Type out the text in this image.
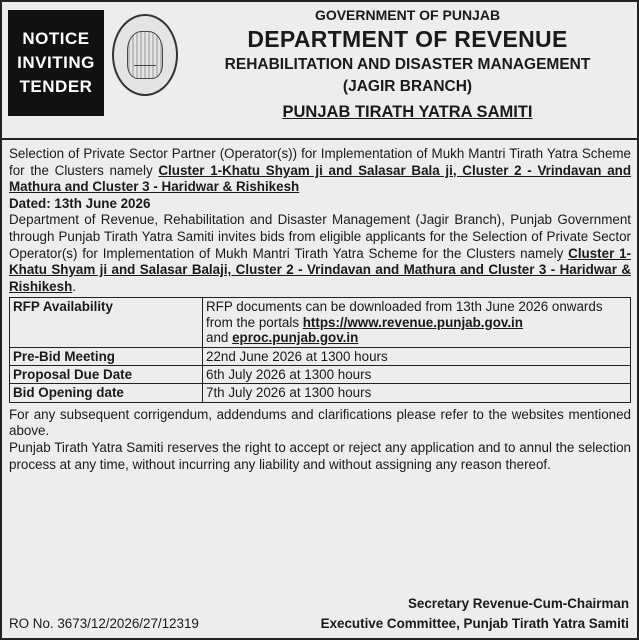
NOTICE
INVITING
TENDER
GOVERNMENT OF PUNJAB
DEPARTMENT OF REVENUE
REHABILITATION AND DISASTER MANAGEMENT
(JAGIR BRANCH)
PUNJAB TIRATH YATRA SAMITI

Selection of Private Sector Partner (Operator(s)) for Implementation of Mukh Mantri Tirath Yatra Scheme for the Clusters namely Cluster 1-Khatu Shyam ji and Salasar Bala ji, Cluster 2 - Vrindavan and Mathura and Cluster 3 - Haridwar & Rishikesh

Dated: 13th June 2026

Department of Revenue, Rehabilitation and Disaster Management (Jagir Branch), Punjab Government through Punjab Tirath Yatra Samiti invites bids from eligible applicants for the Selection of Private Sector Operator(s) for Implementation of Mukh Mantri Tirath Yatra Scheme for the Clusters namely Cluster 1-Khatu Shyam ji and Salasar Balaji, Cluster 2 - Vrindavan and Mathura and Cluster 3 - Haridwar & Rishikesh.

RFP Availability	RFP documents can be downloaded from 13th June 2026 onwards from the portals https://www.revenue.punjab.gov.in
and eproc.punjab.gov.in
Pre-Bid Meeting	22nd June 2026 at 1300 hours
Proposal Due Date	6th July 2026 at 1300 hours
Bid Opening date	7th July 2026 at 1300 hours

For any subsequent corrigendum, addendums and clarifications please refer to the websites mentioned above.

Punjab Tirath Yatra Samiti reserves the right to accept or reject any application and to annul the selection process at any time, without incurring any liability and without assigning any reason thereof.

Secretary Revenue-Cum-Chairman
RO No. 3673/12/2026/27/12319	Executive Committee, Punjab Tirath Yatra Samiti
